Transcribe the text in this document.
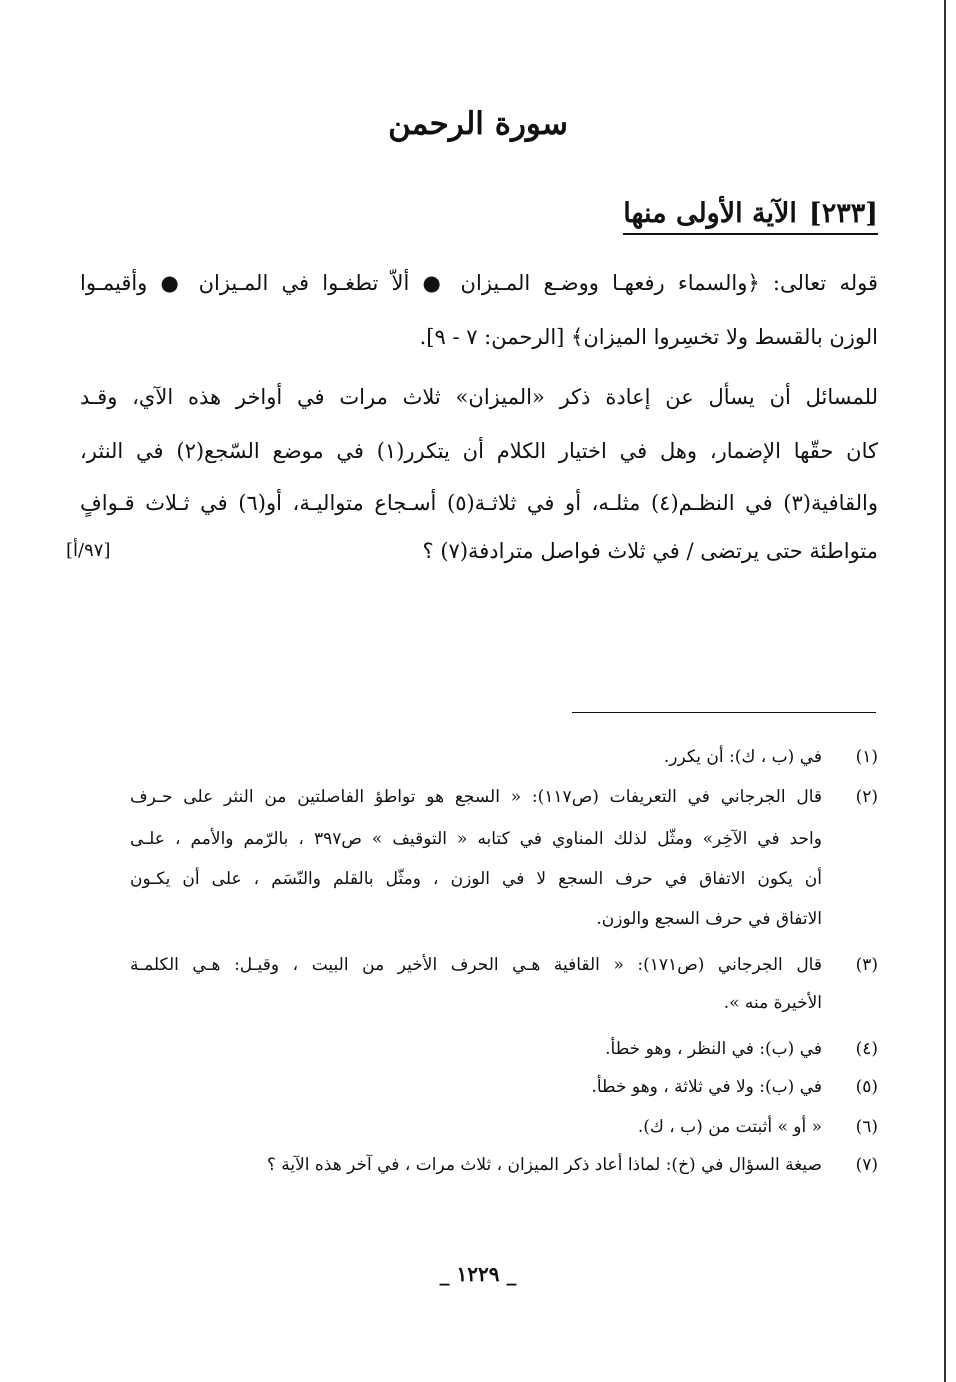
سورة الرحمن
[٢٣٣]الآية الأولى منها
قوله تعالى: ﴿والسماء رفعهـا ووضـع المـيزان ● ألاّ تطغـوا في المـيزان ● وأقيمـوا
الوزن بالقسط ولا تخسِروا الميزان﴾ [الرحمن: ٧ - ٩].
للمسائل أن يسأل عن إعادة ذكر «الميزان» ثلاث مرات في أواخر هذه الآي، وقـد
كان حقّها الإضمار، وهل في اختيار الكلام أن يتكرر(١) في موضع السّجع(٢) في النثر،
والقافية(٣) في النظـم(٤) مثلـه، أو في ثلاثـة(٥) أسـجاع متواليـة، أو(٦) في ثـلاث قـوافٍ
متواطئة حتى يرتضى / في ثلاث فواصل مترادفة(٧) ؟
[٩٧/أ]
(١)في (ب ، ك): أن يكرر.
(٢)قال الجرجاني في التعريفات (ص١١٧): « السجع هو تواطؤ الفاصلتين من النثر على حـرف
واحد في الآخِر» ومثّل لذلك المناوي في كتابه « التوقيف » ص٣٩٧ ، بالرّمم والأمم ، علـى
أن يكون الاتفاق في حرف السجع لا في الوزن ، ومثّل بالقلم والنّسَم ، على أن يكـون
الاتفاق في حرف السجع والوزن.
(٣)قال الجرجاني (ص١٧١): « القافية هـي الحرف الأخير من البيت ، وقيـل: هـي الكلمـة
الأخيرة منه ».
(٤)في (ب): في النظر ، وهو خطأ.
(٥)في (ب): ولا في ثلاثة ، وهو خطأ.
(٦)« أو » أثبتت من (ب ، ك).
(٧)صيغة السؤال في (خ): لماذا أعاد ذكر الميزان ، ثلاث مرات ، في آخر هذه الآية ؟
_ ١٢٢٩ _
